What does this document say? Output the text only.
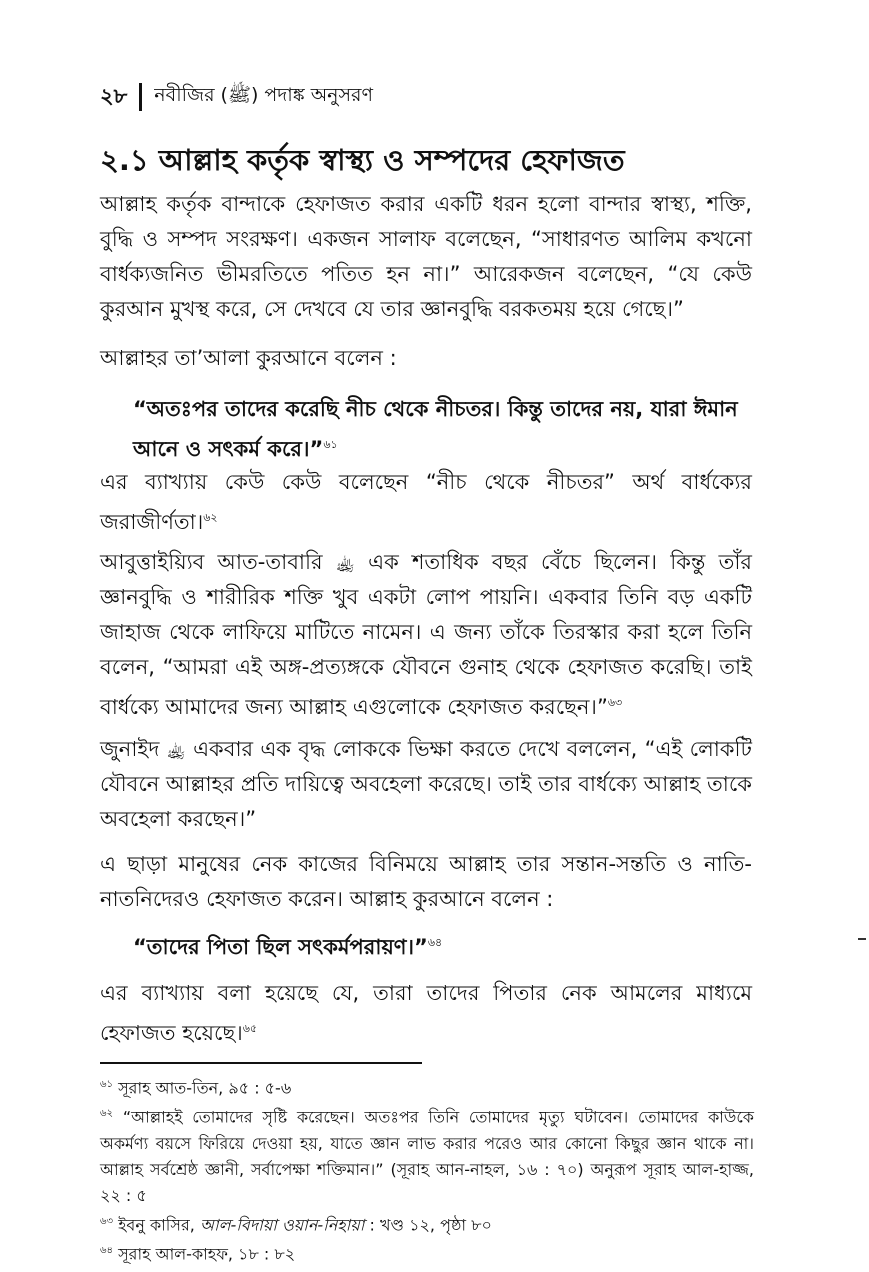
২৮ নবীজির (ﷺ) পদাঙ্ক অনুসরণ
২.১ আল্লাহ কর্তৃক স্বাস্থ্য ও সম্পদের হেফাজত

আল্লাহ কর্তৃক বান্দাকে হেফাজত করার একটি ধরন হলো বান্দার স্বাস্থ্য, শক্তি, বুদ্ধি ও সম্পদ সংরক্ষণ। একজন সালাফ বলেছেন, “সাধারণত আলিম কখনো বার্ধক্যজনিত ভীমরতিতে পতিত হন না।” আরেকজন বলেছেন, “যে কেউ কুরআন মুখস্থ করে, সে দেখবে যে তার জ্ঞানবুদ্ধি বরকতময় হয়ে গেছে।”

আল্লাহর তা’আলা কুরআনে বলেন :

“অতঃপর তাদের করেছি নীচ থেকে নীচতর। কিন্তু তাদের নয়, যারা ঈমান আনে ও সৎকর্ম করে।”$^{৬১}$

এর ব্যাখ্যায় কেউ কেউ বলেছেন “নীচ থেকে নীচতর” অর্থ বার্ধক্যের জরাজীর্ণতা।$^{৬২}$

আবুত্তাইয়্যিব আত-তাবারি ﵀ এক শতাধিক বছর বেঁচে ছিলেন। কিন্তু তাঁর জ্ঞানবুদ্ধি ও শারীরিক শক্তি খুব একটা লোপ পায়নি। একবার তিনি বড় একটি জাহাজ থেকে লাফিয়ে মাটিতে নামেন। এ জন্য তাঁকে তিরস্কার করা হলে তিনি বলেন, “আমরা এই অঙ্গ-প্রত্যঙ্গকে যৌবনে গুনাহ থেকে হেফাজত করেছি। তাই বার্ধক্যে আমাদের জন্য আল্লাহ এগুলোকে হেফাজত করছেন।”$^{৬৩}$

জুনাইদ ﵀ একবার এক বৃদ্ধ লোককে ভিক্ষা করতে দেখে বললেন, “এই লোকটি যৌবনে আল্লাহর প্রতি দায়িত্বে অবহেলা করেছে। তাই তার বার্ধক্যে আল্লাহ তাকে অবহেলা করছেন।”

এ ছাড়া মানুষের নেক কাজের বিনিময়ে আল্লাহ তার সন্তান-সন্ততি ও নাতি-নাতনিদেরও হেফাজত করেন। আল্লাহ কুরআনে বলেন :

“তাদের পিতা ছিল সৎকর্মপরায়ণ।”$^{৬৪}$

এর ব্যাখ্যায় বলা হয়েছে যে, তারা তাদের পিতার নেক আমলের মাধ্যমে হেফাজত হয়েছে।$^{৬৫}$

$^{৬১}$ সূরাহ আত-তিন, ৯৫ : ৫-৬

$^{৬২}$ “আল্লাহই তোমাদের সৃষ্টি করেছেন। অতঃপর তিনি তোমাদের মৃত্যু ঘটাবেন। তোমাদের কাউকে অকর্মণ্য বয়সে ফিরিয়ে দেওয়া হয়, যাতে জ্ঞান লাভ করার পরেও আর কোনো কিছুর জ্ঞান থাকে না। আল্লাহ সর্বশ্রেষ্ঠ জ্ঞানী, সর্বাপেক্ষা শক্তিমান।” (সূরাহ আন-নাহল, ১৬ : ৭০) অনুরূপ সূরাহ আল-হাজ্জ, ২২ : ৫

$^{৬৩}$ ইবনু কাসির, আল-বিদায়া ওয়ান-নিহায়া : খণ্ড ১২, পৃষ্ঠা ৮০

$^{৬৪}$ সূরাহ আল-কাহফ, ১৮ : ৮২
